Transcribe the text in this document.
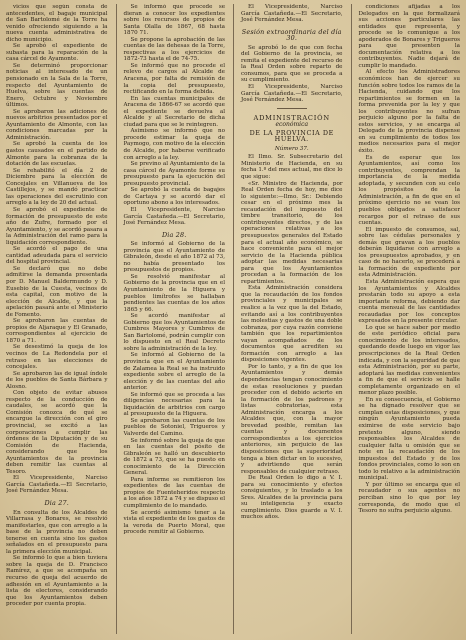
vicios que según consta de antecedentes, el bagaje municipal de San Bartolomé de la Torre ha venido ofreciendo siguiendo a la nueva cuenta administrativa de dicho municipio.

Se aprobó el expediente de subasta para la reparación de la casa cárcel de Ayamonte.

Se determinó proporcionar noticias al interesado de un pensionado en la Sala de la Torre, respecto del Ayuntamiento de Huelva, sobre las cuentas de Enero, Octubre y Noviembre últimos.

Se aprobaron las adiciones de nuevos arbitrios presentados por el Ayuntamiento de Almonte, con las condiciones marcadas por la Administración.

Se aprobó la cuenta de los gastos causados en el partido de Almonte para la cobranza de la dotación de las escuelas.

Se rehabilitó el día 2 de Diciembre para la elección de Concejales en Villanueva de los Castillejos, y se mandó practicar las operaciones del escrutinio con arreglo a la ley de 20 del actual.

Se aprobó el expediente de formación de presupuesto de este año de Zufre, formado por el Ayuntamiento, y se acordó pasara a la Administración del ramo para la liquidación correspondiente.

Se acordó el pago de una cantidad adeudada para el servicio del hospital provincial.

Se declaró que no debe admitirse la demanda presentada por D. Manuel Baldermundo y D. Eusebio de la Cuesta, vecinos de esta capital, con motivo de la elección de Alcalde, y que la apelación pasará ante el Ministerio de Fomento.

Se aprobaron las cuentas de propios de Aljaraque y El Granado, correspondientes al ejercicio de 1870 a 71.

Se desestimó la queja de los vecinos de La Redondela por el retraso en las elecciones de concejales.

Se aprobaron las de igual índole de los pueblos de Santa Bárbara y Alosno.

Con objeto de evitar abusos respecto de la conducción de caudales, se acordó que la Comisión conozca de qué se encargue la dirección con el giro provincial, se excitó a las corporaciones a cumplir las órdenes de la Diputación y de su Comisión de Hacienda, considerando que los Ayuntamientos de la provincia deben remitir las cuentas al Tesoro.

El Vicepresidente, Narciso García Castañeda.—El Secretario, José Fernández Mesa.

Dia 27.

En consulta de los Alcaldes de Villarrasa y Bonares, se resolvió manifestarles, que con arreglo a la base de la provincia no deben tenerse en cuenta sino los gastos señalados en el presupuesto para la primera elección municipal.

Se informó lo que a bien tuviera sobre la queja de D. Francisco Ramírez, a que se acompaña un recurso de queja del acuerdo de adhesión en el Ayuntamiento a la lista de electores, considerando que los Ayuntamientos deben proceder por cuenta propia.

Se informó que procede se dieran a conocer los expedientes sobre los recursos de propios de Santa Olalla de 1867, 68 hasta 1870 71.

Se propone la aprobación de las cuentas de las dehesas de la Torre, respectivas a los ejercicios de 1872-73 hasta el de 74-75.

Se informó que no procede el relevo de cargos al Alcalde de Aracena, por falta de remisión de la copia del presupuesto, rectificando en la forma debida.

En las cuentas municipales de Aracena de 1866-67 se acordó que el expediente se devuelva al Alcalde y al Secretario de dicha ciudad para que se le reintegren.

Asimismo se informó que no procede estimar la queja de Paymogo, con motivo de la elección de Alcalde, por haberse verificado con arreglo a la ley.

Se previno al Ayuntamiento de la casa cárcel de Ayamonte forme su presupuesto para la ejecución del presupuesto provincial.

Se aprobó la cuenta de bagajes de Cartaya y se acordó dar el oportuno abono a los interesados.

El Vicepresidente, Narciso García Castañeda.—El Secretario, José Fernández Mesa.

Dia 28.

Se informó al Gobierno de la provincia que el Ayuntamiento de Gibraleón, desde el año 1872 al 73, no había presentado los presupuestos de propios.

Se resolvió manifestar al Gobierno de la provincia que en el Ayuntamiento de la Higuera y pueblos limítrofes se hallaban pendientes las cuentas de los años 1865 y 66.

Se acordó manifestar al Gobierno que los Ayuntamientos de Cumbres Mayores y Cumbres de San Bartolomé, podrán cumplir con lo dispuesto en el Real Decreto sobre la administración de la ley.

Se informó al Gobierno de la provincia que en el Ayuntamiento de Zalamea la Real se ha instruido expediente sobre el arreglo de la elección y de las cuentas del año anterior.

Se informó que se proceda a las diligencias necesarias para la liquidación de arbitrios con cargo al presupuesto de la Higuera.

Se aprobaron las cuentas de los pueblos de Sotoniel, Trigueros y Valverde del Camino.

Se informó sobre la queja de que en las cuentas del pósito de Gibraleón se halló un descubierto de 1872 a 73, que se ha puesto en conocimiento de la Dirección General.

Para informe se remitieron los expedientes de las cuentas de propios de Fuenteheridos respecto a los años 1872 a 74 y se dispuso el cumplimiento de lo mandado.

Se acordó asimismo tener a la vista el expediente de los gastos de la vereda de Puerto Moral, que procede remitir al Gobierno.

El Vicepresidente, Narciso García Castañeda.—El Secretario, José Fernández Mesa.

Sesión extraordinaria del día 30.

Se aprobó lo de que con fecha del Gobierno de la provincia, se remita el expediente del recurso de la Real Orden sobre reparto de consumos, para que se proceda a su cumplimiento.

El Vicepresidente, Narciso García Castañeda.—El Secretario, José Fernández Mesa.

ADMINISTRACIÓN
económica
DE LA PROVINCIA DE HUELVA.
Número 37.

El Ilmo. Sr. Subsecretario del Ministerio de Hacienda, en su fecha 1.º del mes actual, me dice lo que sigue:

«Sr. Ministro de Hacienda, por Real Orden fecha de hoy, me dice lo siguiente:—Ilmo. Sr.: Debiendo cesar en el próximo mes la recaudación del impuesto del timbre transitorio, de los contribuyentes directos, y de las operaciones relativas a los presupuestos generales del Estado para el actual año económico, se hace conveniente para el mejor servicio de la Hacienda pública adoptar las medidas necesarias para que los Ayuntamientos procedan a la formación de los repartimientos.

Esta Administración considera que la recaudación de los fondos provinciales y municipales se realice a la vez que la del Estado, evitando así a los contribuyentes las molestias y gastos de una doble cobranza, por cuya razón conviene también que los repartimientos vayan acompañados de los documentos que acrediten su formación con arreglo a las disposiciones vigentes.

Por lo tanto, y a fin de que los Ayuntamientos y demás dependencias tengan conocimiento de estas resoluciones y puedan proceder con el debido acierto en la formación de los padrones y listas cobratorias, esta Administración encarga a los Alcaldes que, con la mayor brevedad posible, remitan las cuentas y documentos correspondientes a los ejercicios anteriores, sin perjuicio de las disposiciones que la superioridad tenga a bien dictar en lo sucesivo, y advirtiendo que serán responsables de cualquier retraso.

De Real Orden lo digo a V. I. para su conocimiento y efectos consiguientes, y lo traslado a los Sres. Alcaldes de la provincia para su inteligencia y exacto cumplimiento. Dios guarde a V. I. muchos años.

condiciones afijadas a los Delegados en la que formalizará sus acciones particulares las entidades que representa, y procede se lo comunique a los apoderados de Bonares y Trigueros para que presenten la documentación relativa a los contribuyentes. Nadie dejará de cumplir lo mandado.

Al efecto los Administradores económicos han de ejercer su función sobre todos los ramos de la Hacienda, cuidando que los repartimientos se formen en la forma prevenida por la ley y que los contribuyentes no sufran perjuicio alguno por la falta de estos servicios, y se encarga al Delegado de la provincia dispense en su cumplimiento de todos los medios necesarios para el mejor éxito.

Es de esperar que los Ayuntamientos, así como los contribuyentes, comprendan la importancia de la medida adoptada, y secunden con su celo los propósitos de la Administración, a fin de que en el próximo ejercicio no se vean los pueblos obligados a satisfacer recargos por el retraso de sus cuentas.

El impuesto de consumos, sal, sobre las cédulas personales y demás que gravan a los pueblos deberán liquidarse con arreglo a los presupuestos aprobados, y en caso de no hacerlo, se procederá a la formación de expediente por esta Administración.

Esta Administración espera que los Ayuntamientos y Alcaldes prestarán todo su apoyo a esta importante reforma, debiendo dar cuenta mensual de las cantidades recaudadas por los conceptos expresados en la presente circular.

Lo que se hace saber por medio de este periódico oficial para conocimiento de los interesados, quedando desde luego en vigor las prescripciones de la Real Orden indicada, y con la seguridad de que esta Administración, por su parte, adoptará las medidas convenientes a fin de que el servicio se halle completamente organizado en el menor plazo posible.

En su consecuencia, el Gobierno se ha dignado resolver que se cumplan estas disposiciones, y que ningún Ayuntamiento pueda eximirse de este servicio bajo pretexto alguno, siendo responsables los Alcaldes de cualquier falta u omisión que se note en la recaudación de los impuestos del Estado y de los fondos provinciales, como lo son en todo lo relativo a la administración municipal.

Y por último se encarga que el recaudador o sus agentes no perciban sino lo que por ley corresponda, de modo que el Tesoro no sufra perjuicio alguno.
